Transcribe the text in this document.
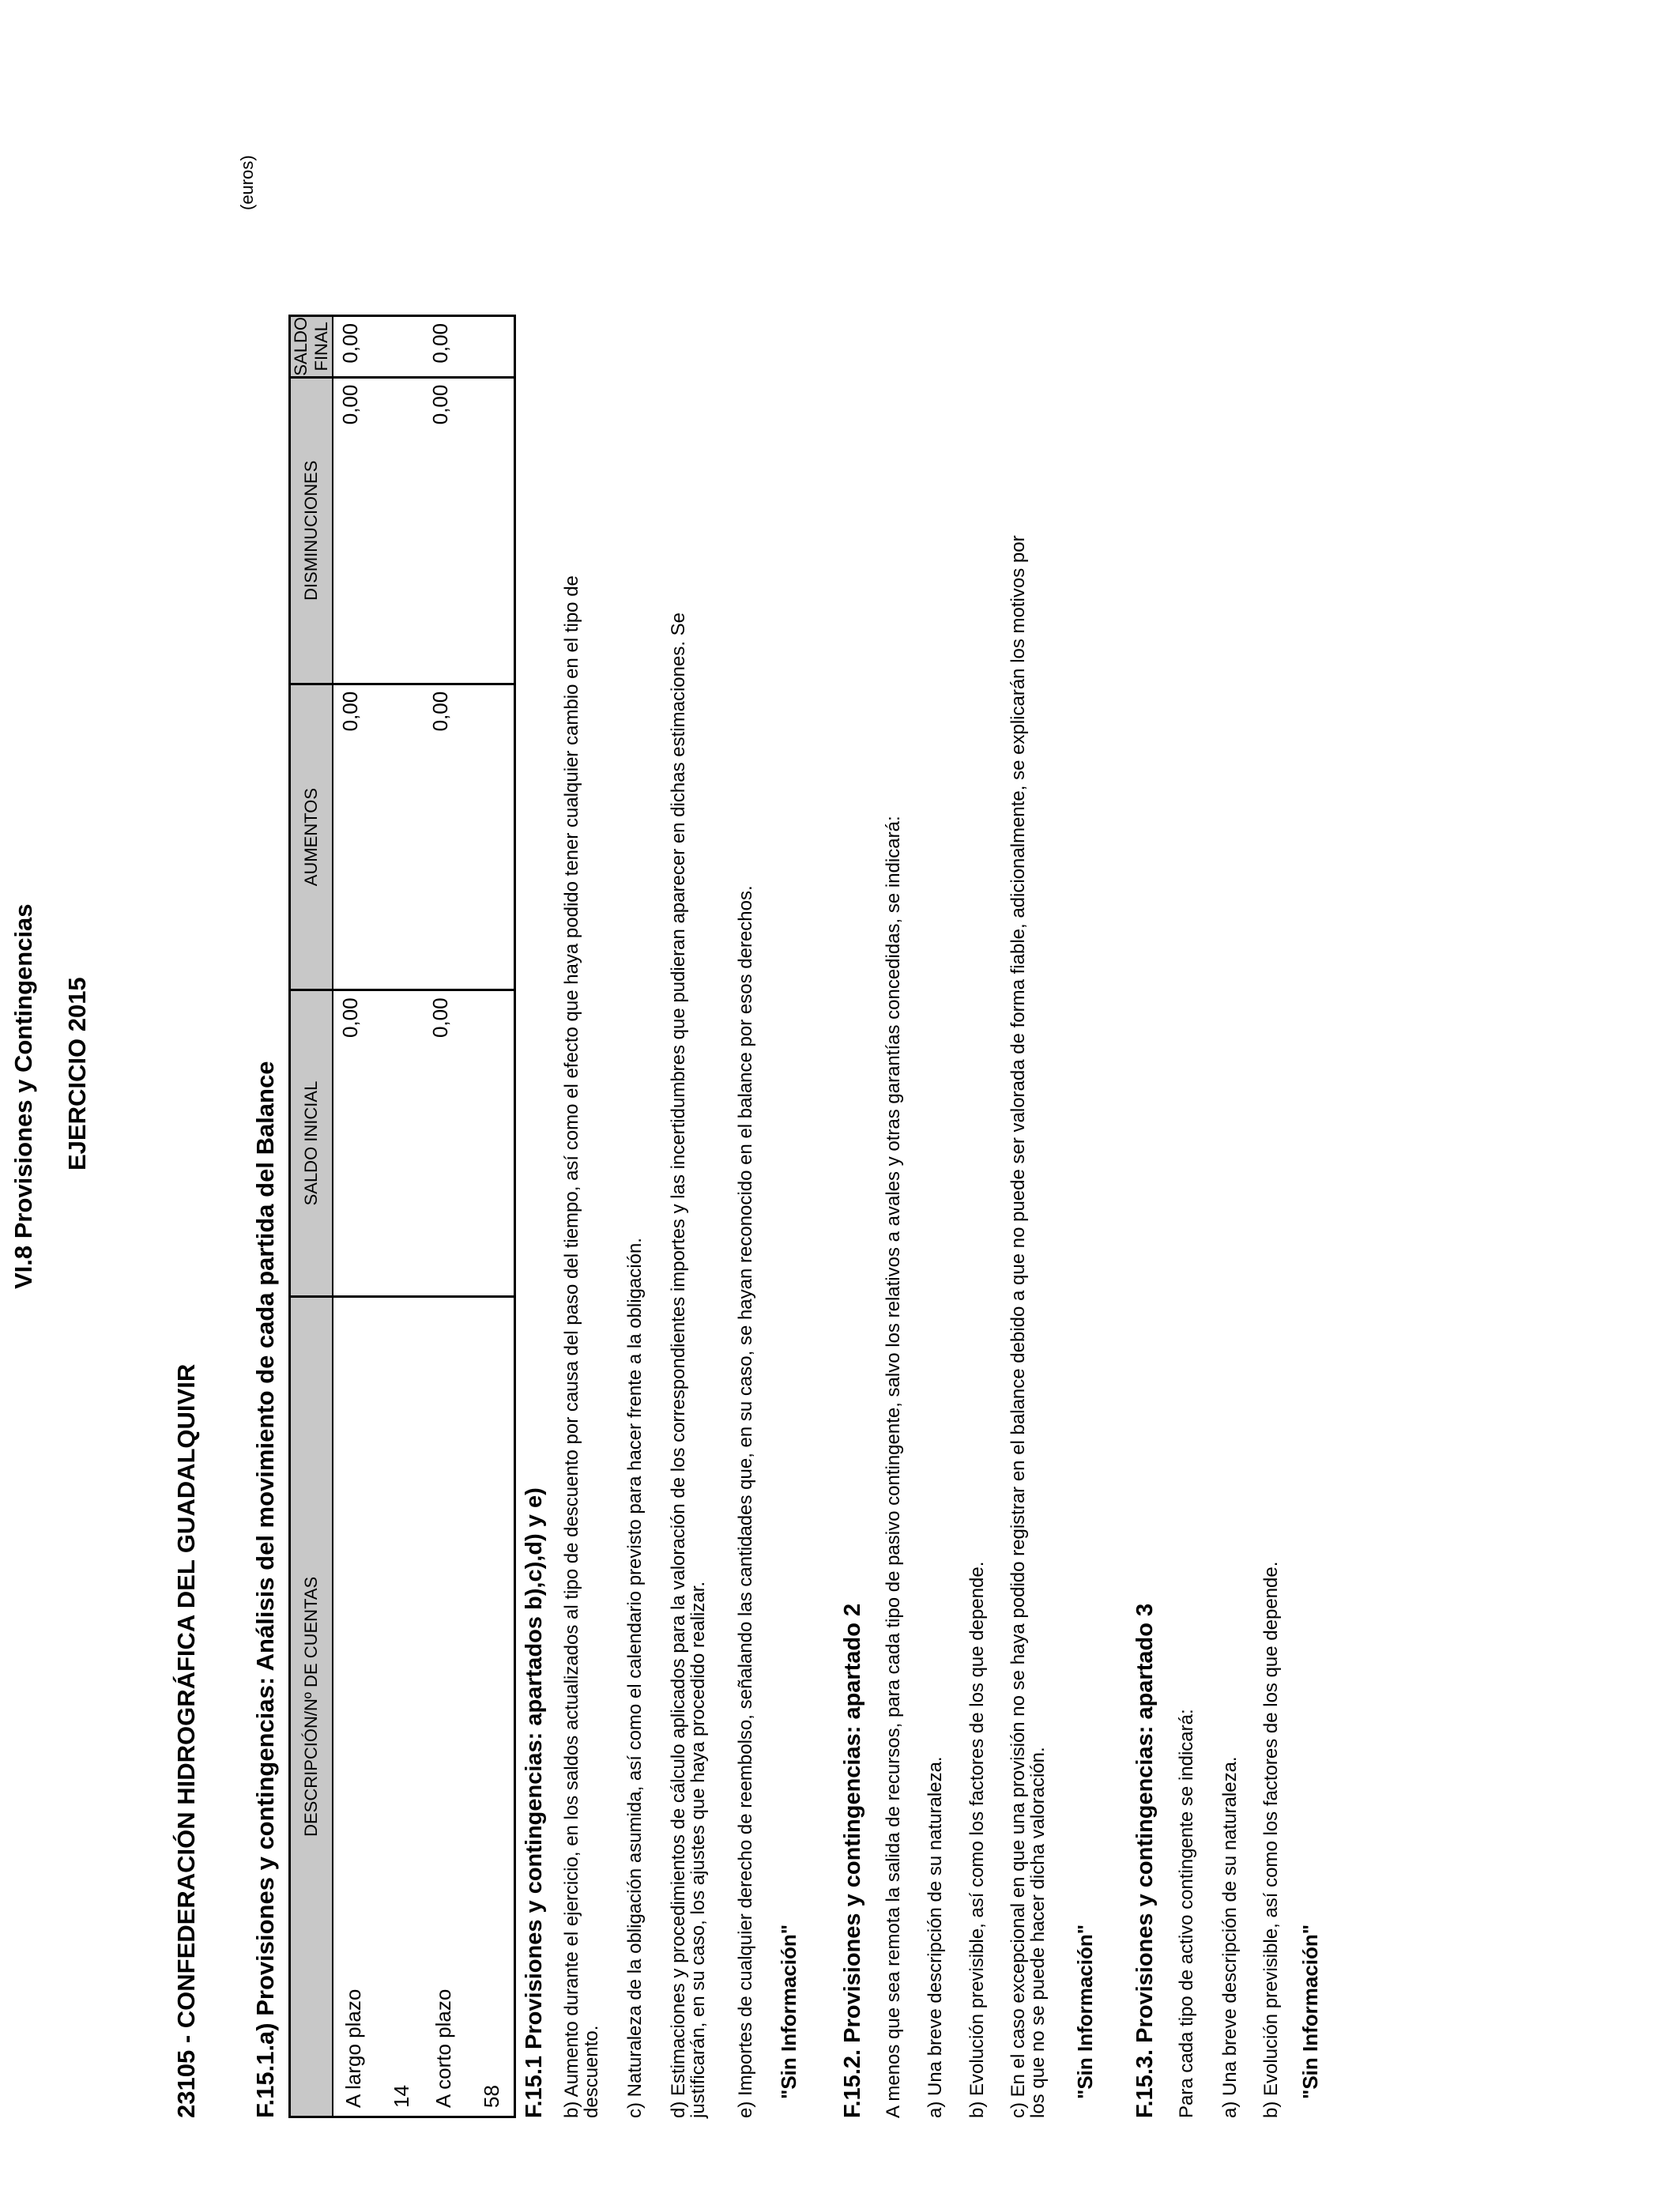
VI.8 Provisiones y Contingencias EJERCICIO 2015
23105 - CONFEDERACIÓN HIDROGRÁFICA DEL GUADALQUIVIR
(euros)
F.15.1.a) Provisiones y contingencias: Análisis del movimiento de cada partida del Balance DESCRIPCIÓN/Nº DE CUENTAS	SALDO INICIAL	AUMENTOS	DISMINUCIONES	SALDO FINAL
A largo plazo 14	0,00	0,00	0,00	0,00
A corto plazo 58	0,00	0,00	0,00	0,00
F.15.1 Provisiones y contingencias: apartados b),c),d) y e) b) Aumento durante el ejercicio, en los saldos actualizados al tipo de descuento por causa del paso del tiempo, así como el efecto que haya podido tener cualquier cambio en el tipo de
descuento. c) Naturaleza de la obligación asumida, así como el calendario previsto para hacer frente a la obligación. d) Estimaciones y procedimientos de cálculo aplicados para la valoración de los correspondientes importes y las incertidumbres que pudieran aparecer en dichas estimaciones. Se
justificarán, en su caso, los ajustes que haya procedido realizar. e) Importes de cualquier derecho de reembolso, señalando las cantidades que, en su caso, se hayan reconocido en el balance por esos derechos. "Sin Información" F.15.2. Provisiones y contingencias: apartado 2 A menos que sea remota la salida de recursos, para cada tipo de pasivo contingente, salvo los relativos a avales y otras garantías concedidas, se indicará: a) Una breve descripción de su naturaleza. b) Evolución previsible, así como los factores de los que depende. c) En el caso excepcional en que una provisión no se haya podido registrar en el balance debido a que no puede ser valorada de forma fiable, adicionalmente, se explicarán los motivos por
los que no se puede hacer dicha valoración. "Sin Información" F.15.3. Provisiones y contingencias: apartado 3 Para cada tipo de activo contingente se indicará: a) Una breve descripción de su naturaleza. b) Evolución previsible, así como los factores de los que depende. "Sin Información"
